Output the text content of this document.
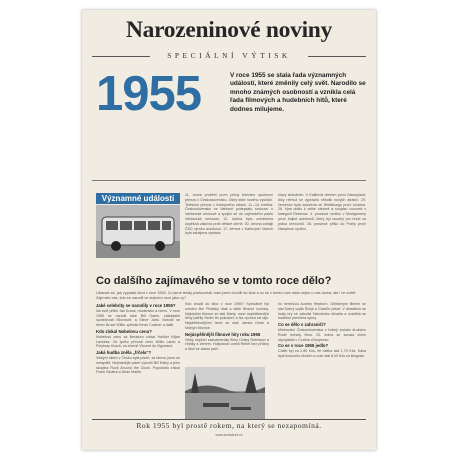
Narozeninové noviny
SPECIÁLNÍ VÝTISK
1955	V roce 1955 se stala řada významných událostí, které změnily celý svět. Narodilo se mnoho známých osobností a vznikla celá řada filmových a hudebních hitů, které dodnes milujeme.
Významné události	11. února proběhl první přímý televizní sportovní přenos v Československu. Ostrý start nového vysílání. Televizní přenos z hokejového utkání. 11.–14. května: Československo ve Varšavě podepsalo smlouvu o Varšavské smlouvě a spojilo se do vojenského paktu Varšavská smlouva. 12. dubna byla oznámena úspěšná vakcína proti dětské obrně. 30. června zahájil ČKD výrobu autobusu. 17. června v Karlových Varech byla zahájena výstava.
hlavy ztotožněn. V Kalifornii otevřen první Disneyland, díky němuž se vypravilo několik nových atrakcí. 29. července byla založena ve Wolfsburgu první továrna. 26. října došlo k velké obnově a soupisu vozovek v kategorii Rebecca. 4. prosince vzniklo v Montgomery první bojkot autobusů, který byl osudný pro hnutí za práva černochů. 28. prosince přišlo do Prahy první čistopisné vydání.
Co dalšího zajímavého se v tomto roce dělo?
Ukázalo se, jak vypadal život v roce 1955. Co jsme tehdy poslouchali, kam jsme chodili do kina a co se v tomto roce stalo nejen u nás doma, ale i ve světě. Zajímalo vás, kdo se narodil ve stejném roce jako vy?
Jaké celebrity se narodily v roce 1955?
Na svět přišel Jan Kraus, moderátor a herec. V roce 1955 se narodil také Bill Gates, zakladatel společnosti Microsoft, a Steve Jobs. Narodil se herec Bruce Willis, zpěvák Kevin Costner a další.
Kdo získal Nobelovu cenu?
Nobelovu cenu za literaturu získal Halldór Kiljan Laxness. Za fyziku převzal cenu Willis Lamb a Polykarp Kusch, za chemii Vincent du Vigneaud.
Jaká hudba zněla „frčela“?
Velkým hitem v Česku byla píseň, za kterou jsme se nestyděli. Nejhranější píseň vytvořil Bill Haley a jeho skupina Rock Around the Clock. Popularitu získal Frank Sinatra a Dean Martin.
Kdo chodil do kina v roce 1955? Speciálně byl uveden film Pirátský drak a další filmové novinky. Nejlepším filmem se stal Marty, mezi nejoblíbenější filmy patřily Sedm let pokušení a Na východ od ráje. Nejoblíbenějšími herci se stali James Dean a Marilyn Monroe.
Nejúspěšnější filmové hity roku 1955
Velký úspěch zaznamenaly filmy Ceský Robinson a Hrátky s čertem. Hollywood uvedl Rebel bez příčiny a Muž se zlatou paží.
ho herečkou Audrey Hepburn. Oblíbeným filmem se stal Dobrý voják Švejk a Císařův pekař. V divadlech se hrály hry ze zákulisí Národního divadla a uváděla se hudební premiéra opery.
Co se dělo v zahraničí?
Mistrovství Československa v hokeji získalo družstvo Rudé hvězdy Brno. 22. ledna se konala zimní olympiáda v Cortina d'Ampezzo.
Co se v roce 1955 jedlo?
Chléb byl za 2,80 Kčs, litr mléka stál 1,70 Kčs. Káva byla luxusním zbožím a cukr stál 8,40 Kčs za kilogram.
Rok 1955 byl prostě rokem, na který se nezapomíná.
www.kodiabuni.cz
